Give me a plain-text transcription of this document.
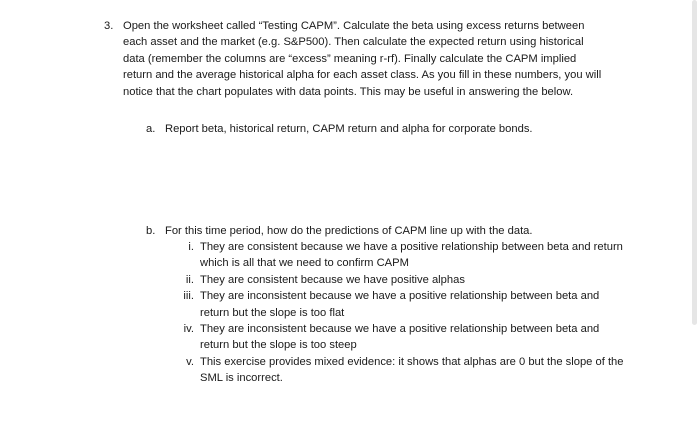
3. Open the worksheet called “Testing CAPM”. Calculate the beta using excess returns between each asset and the market (e.g. S&P500). Then calculate the expected return using historical data (remember the columns are “excess” meaning r-rf). Finally calculate the CAPM implied return and the average historical alpha for each asset class. As you fill in these numbers, you will notice that the chart populates with data points. This may be useful in answering the below.
a. Report beta, historical return, CAPM return and alpha for corporate bonds.
b. For this time period, how do the predictions of CAPM line up with the data.
i. They are consistent because we have a positive relationship between beta and return which is all that we need to confirm CAPM
ii. They are consistent because we have positive alphas
iii. They are inconsistent because we have a positive relationship between beta and return but the slope is too flat
iv. They are inconsistent because we have a positive relationship between beta and return but the slope is too steep
v. This exercise provides mixed evidence: it shows that alphas are 0 but the slope of the SML is incorrect.
